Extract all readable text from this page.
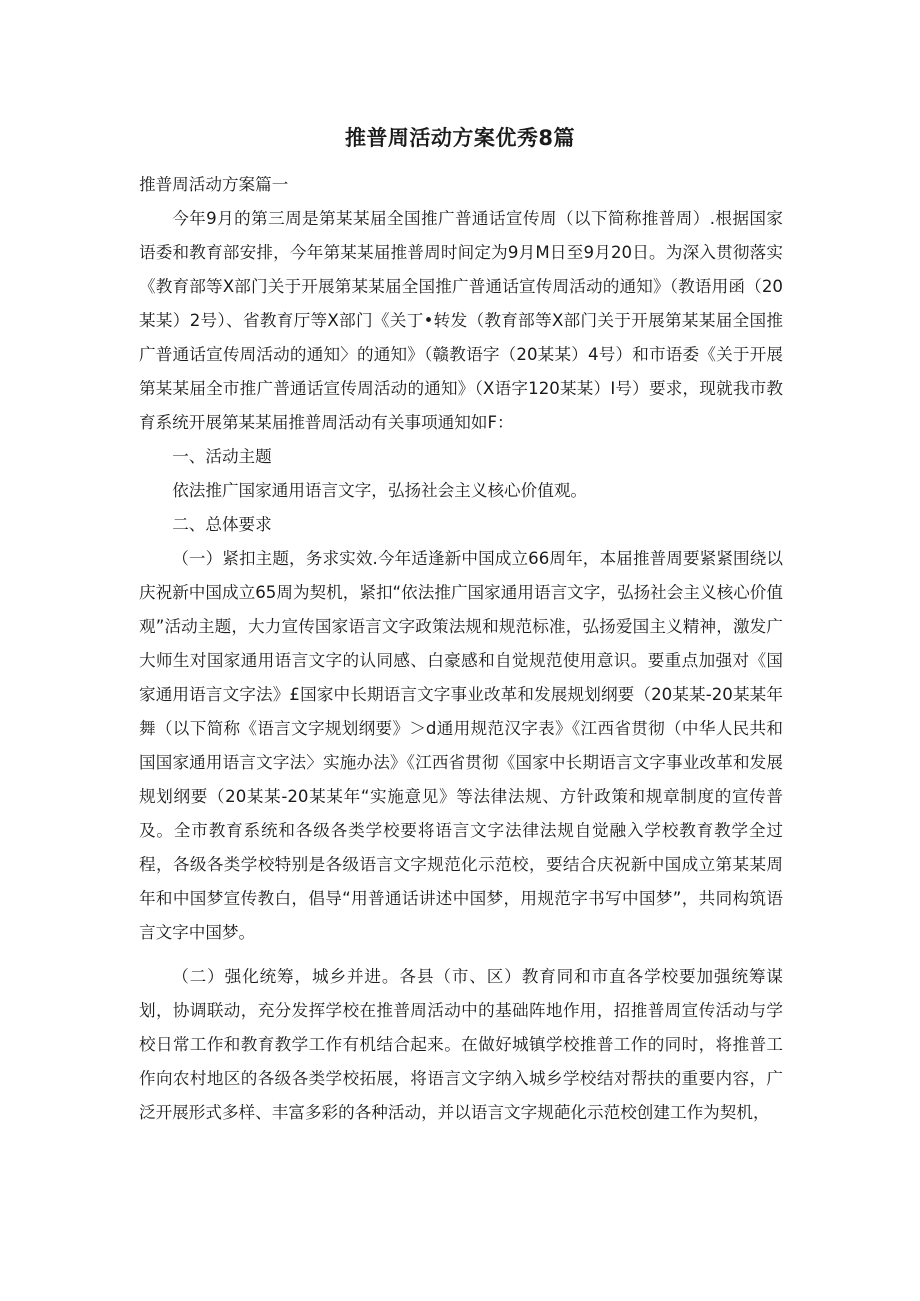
推普周活动方案优秀8篇

推普周活动方案篇一

今年9月的第三周是第某某届全国推广普通话宣传周（以下简称推普周）.根据国家语委和教育部安排，今年第某某届推普周时间定为9月M日至9月20日。为深入贯彻落实《教育部等X部门关于开展第某某届全国推广普通话宣传周活动的通知》（教语用函（20某某）2号）、省教育厅等X部门《关丁•转发（教育部等X部门关于开展第某某届全国推广普通话宣传周活动的通知〉的通知》（赣教语字（20某某）4号）和市语委《关于开展第某某届全市推广普通话宣传周活动的通知》（X语字120某某）I号）要求，现就我市教育系统开展第某某届推普周活动有关事项通知如F：

一、活动主题

依法推广国家通用语言文字，弘扬社会主义核心价值观。

二、总体要求

（一）紧扣主题，务求实效.今年适逢新中国成立66周年，本届推普周要紧紧围绕以庆祝新中国成立65周为契机，紧扣“依法推广国家通用语言文字，弘扬社会主义核心价值观”活动主题，大力宣传国家语言文字政策法规和规范标准，弘扬爱国主义精神，激发广大师生对国家通用语言文字的认同感、白豪感和自觉规范使用意识。要重点加强对《国家通用语言文字法》£国家中长期语言文字事业改革和发展规划纲要（20某某-20某某年舞（以下简称《语言文字规划纲要》＞d通用规范汉字表》《江西省贯彻（中华人民共和国国家通用语言文字法〉实施办法》《江西省贯彻《国家中长期语言文字事业改革和发展规划纲要（20某某-20某某年“实施意见》等法律法规、方针政策和规章制度的宣传普及。全市教育系统和各级各类学校要将语言文字法律法规自觉融入学校教育教学全过程，各级各类学校特别是各级语言文字规范化示范校，要结合庆祝新中国成立第某某周年和中国梦宣传教白，倡导“用普通话讲述中国梦，用规范字书写中国梦”，共同构筑语言文字中国梦。

（二）强化统筹，城乡并进。各县（市、区）教育同和市直各学校要加强统筹谋划，协调联动，充分发挥学校在推普周活动中的基础阵地作用，招推普周宣传活动与学校日常工作和教育教学工作有机结合起来。在做好城镇学校推普工作的同时，将推普工作向农村地区的各级各类学校拓展，将语言文字纳入城乡学校结对帮扶的重要内容，广泛开展形式多样、丰富多彩的各种活动，并以语言文字规葩化示范校创建工作为契机，
